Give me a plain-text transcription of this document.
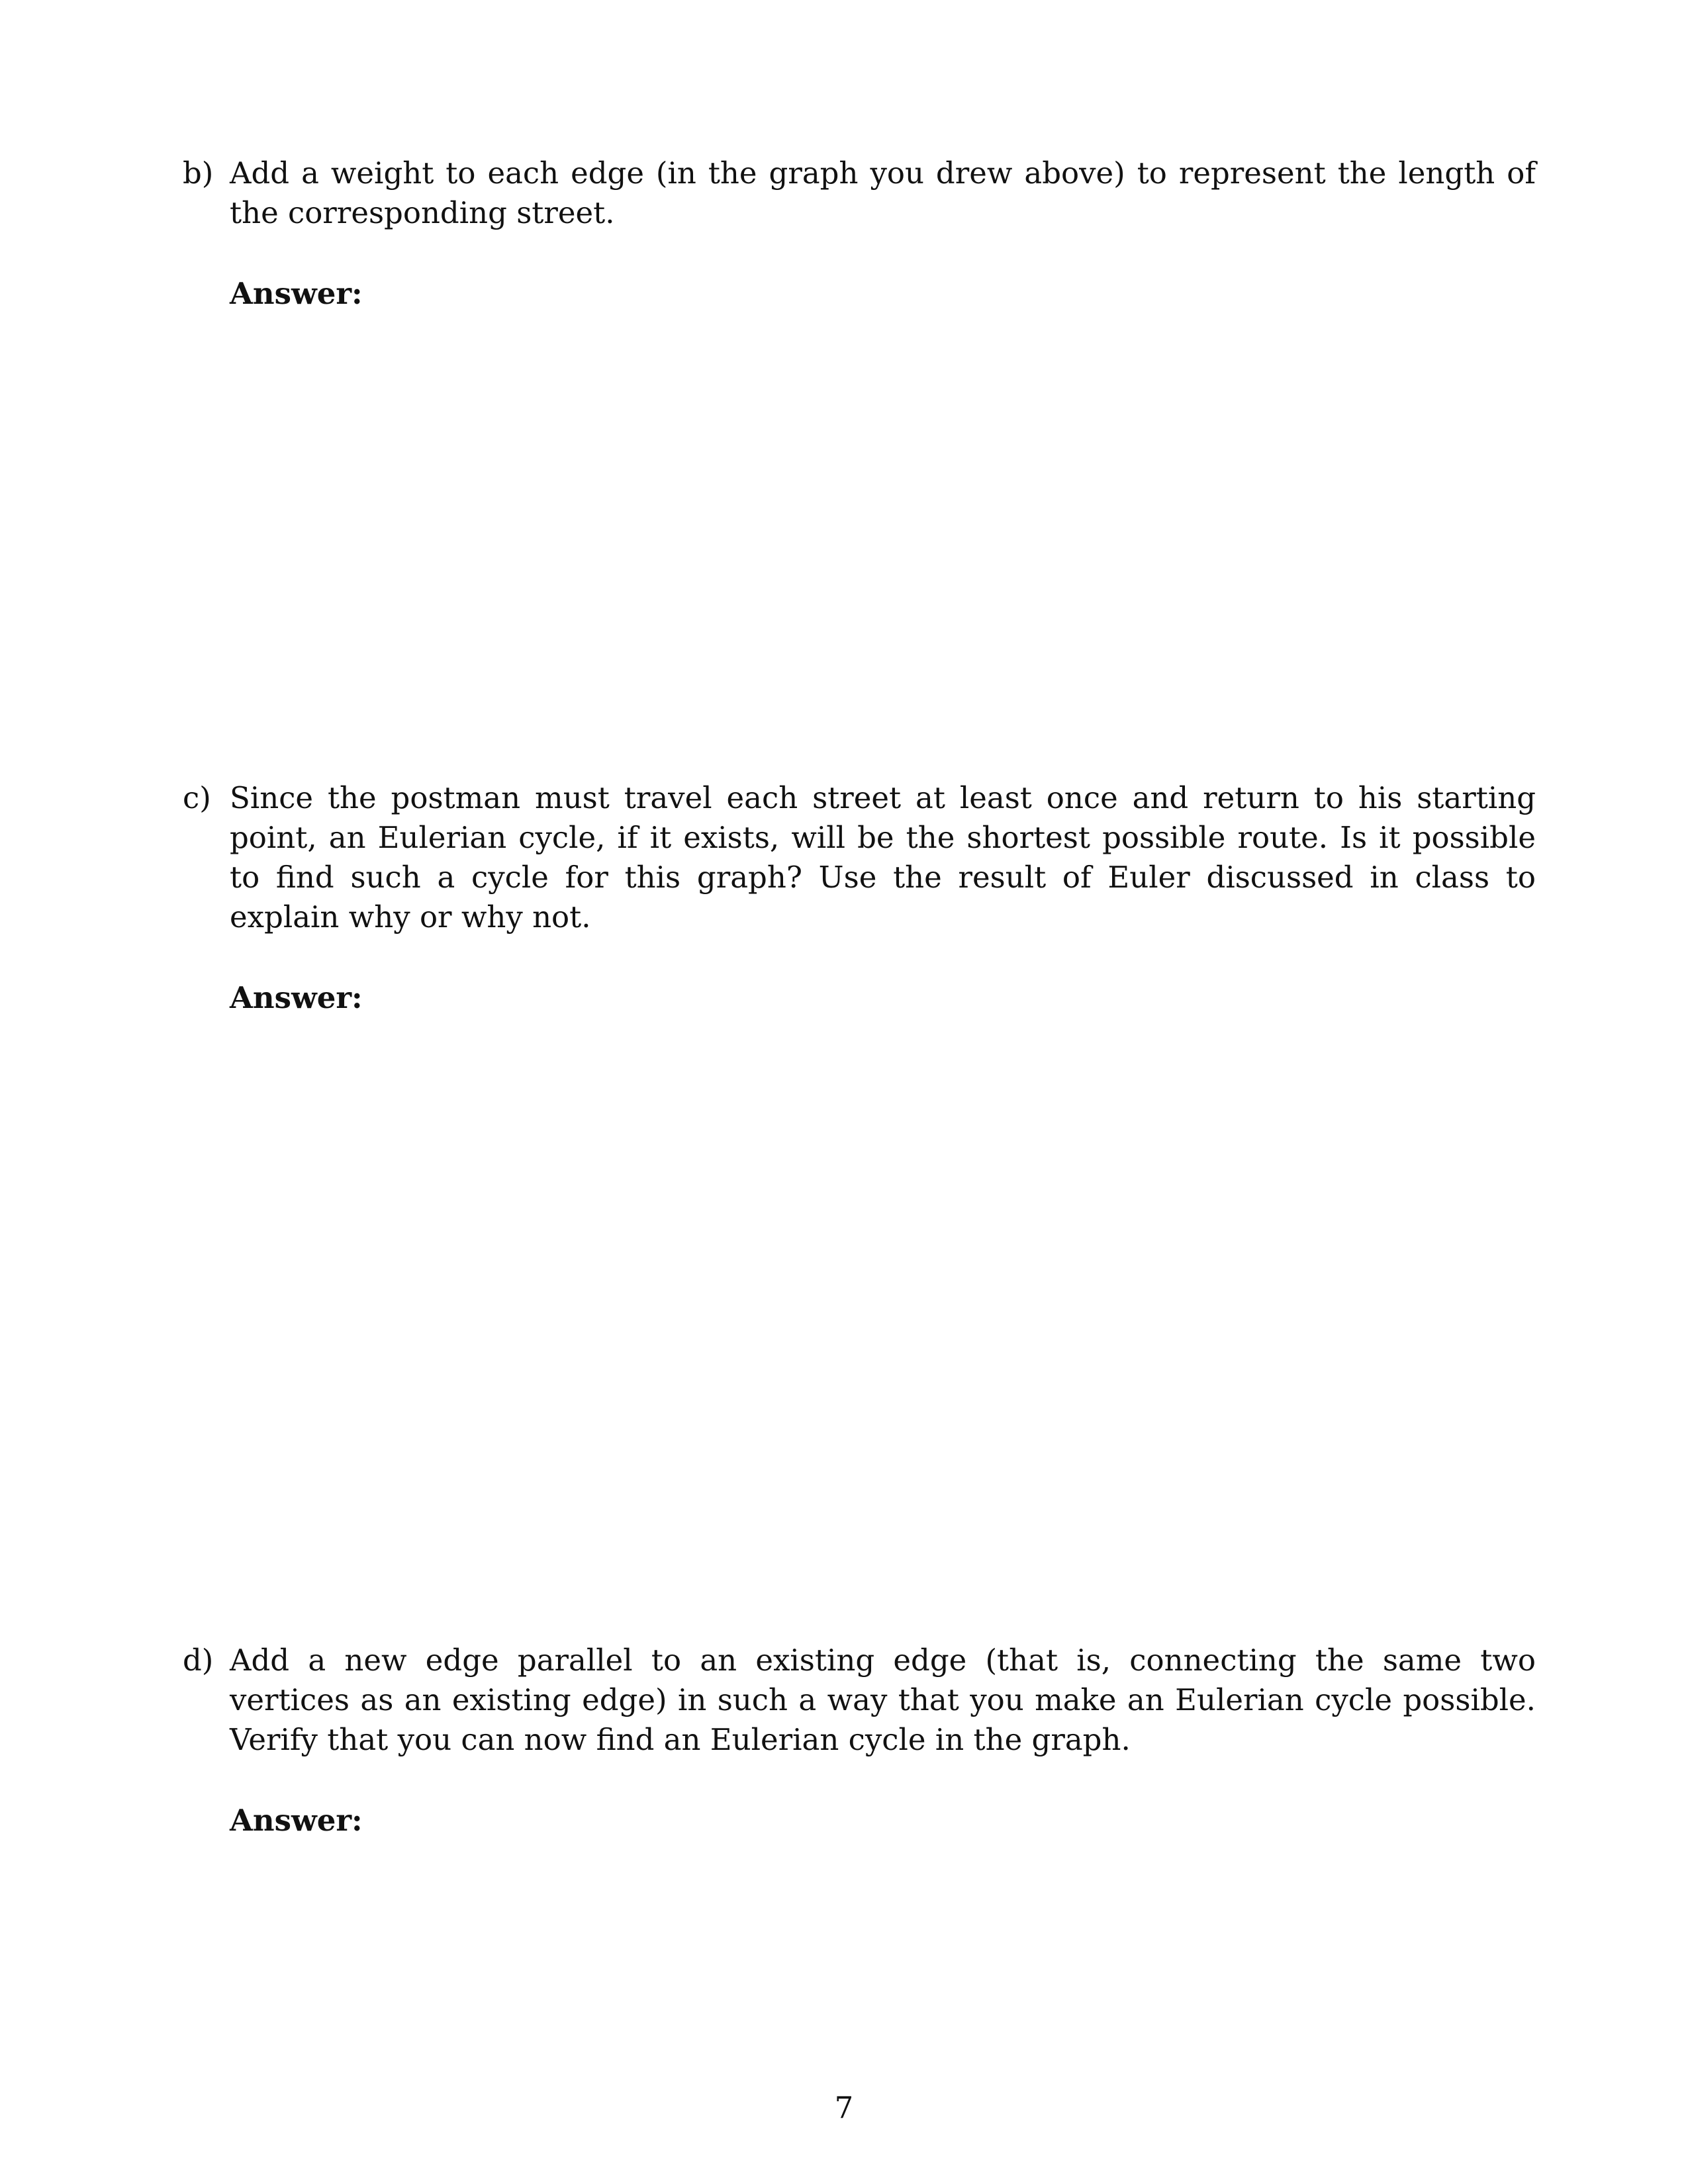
b) Add a weight to each edge (in the graph you drew above) to represent the length of the corresponding street.
Answer:
c) Since the postman must travel each street at least once and return to his starting point, an Eulerian cycle, if it exists, will be the shortest possible route. Is it possible to find such a cycle for this graph? Use the result of Euler discussed in class to explain why or why not.
Answer:
d) Add a new edge parallel to an existing edge (that is, connecting the same two vertices as an existing edge) in such a way that you make an Eulerian cycle possible. Verify that you can now find an Eulerian cycle in the graph.
Answer:
7
